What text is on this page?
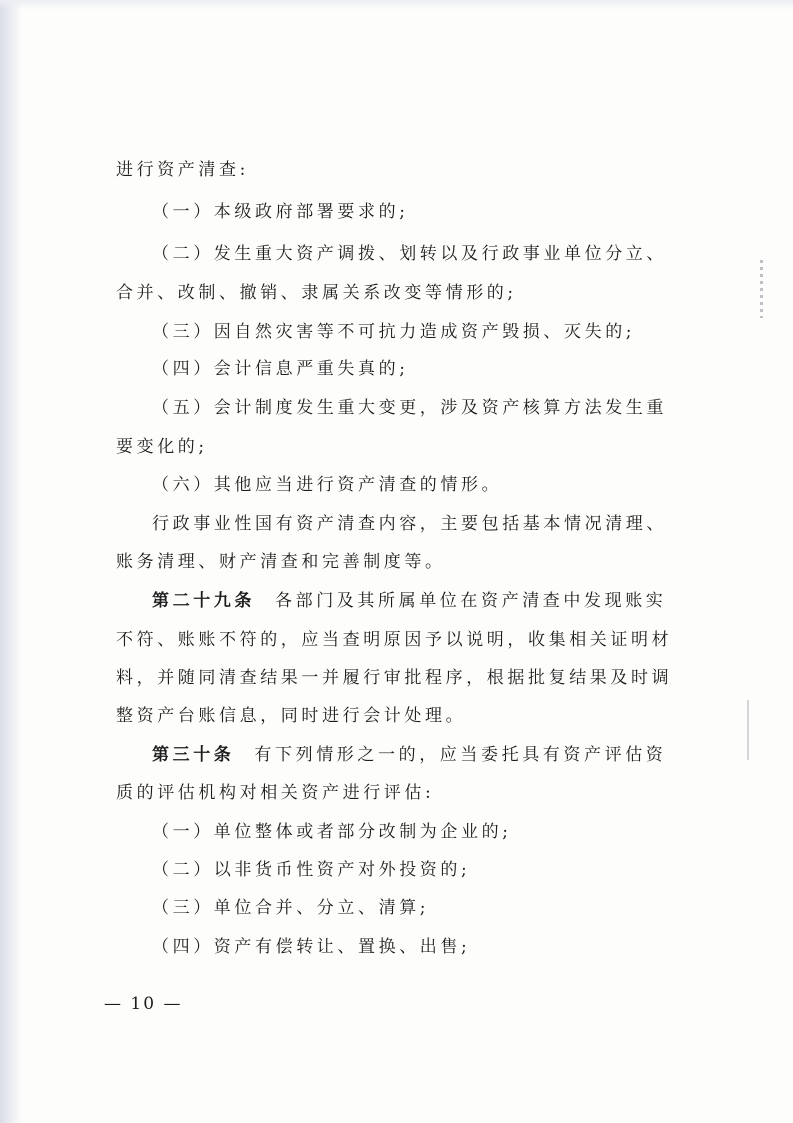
进行资产清查:
（一）本级政府部署要求的;
（二）发生重大资产调拨、划转以及行政事业单位分立、
合并、改制、撤销、隶属关系改变等情形的;
（三）因自然灾害等不可抗力造成资产毁损、灭失的;
（四）会计信息严重失真的;
（五）会计制度发生重大变更，涉及资产核算方法发生重
要变化的;
（六）其他应当进行资产清查的情形。
行政事业性国有资产清查内容，主要包括基本情况清理、
账务清理、财产清查和完善制度等。
第二十九条 各部门及其所属单位在资产清查中发现账实
不符、账账不符的，应当查明原因予以说明，收集相关证明材
料，并随同清查结果一并履行审批程序，根据批复结果及时调
整资产台账信息，同时进行会计处理。
第三十条 有下列情形之一的，应当委托具有资产评估资
质的评估机构对相关资产进行评估:
（一）单位整体或者部分改制为企业的;
（二）以非货币性资产对外投资的;
（三）单位合并、分立、清算;
（四）资产有偿转让、置换、出售;
— 10 —
